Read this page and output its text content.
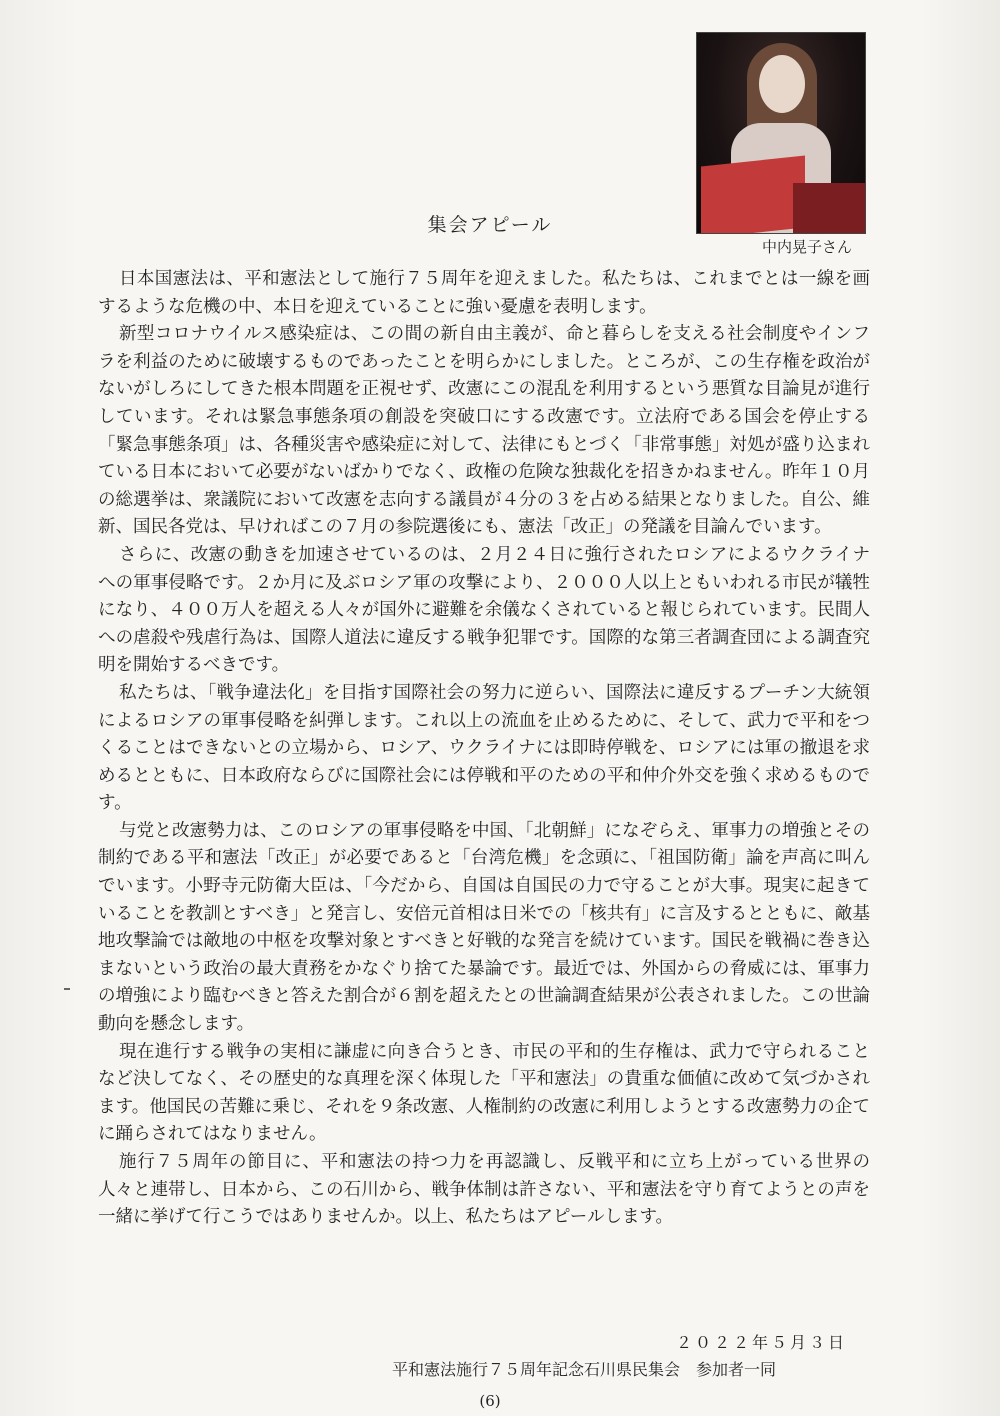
中内晃子さん
集会アピール

日本国憲法は、平和憲法として施行７５周年を迎えました。私たちは、これまでとは一線を画するような危機の中、本日を迎えていることに強い憂慮を表明します。

新型コロナウイルス感染症は、この間の新自由主義が、命と暮らしを支える社会制度やインフラを利益のために破壊するものであったことを明らかにしました。ところが、この生存権を政治がないがしろにしてきた根本問題を正視せず、改憲にこの混乱を利用するという悪質な目論見が進行しています。それは緊急事態条項の創設を突破口にする改憲です。立法府である国会を停止する「緊急事態条項」は、各種災害や感染症に対して、法律にもとづく「非常事態」対処が盛り込まれている日本において必要がないばかりでなく、政権の危険な独裁化を招きかねません。昨年１０月の総選挙は、衆議院において改憲を志向する議員が４分の３を占める結果となりました。自公、維新、国民各党は、早ければこの７月の参院選後にも、憲法「改正」の発議を目論んでいます。

さらに、改憲の動きを加速させているのは、２月２４日に強行されたロシアによるウクライナへの軍事侵略です。２か月に及ぶロシア軍の攻撃により、２０００人以上ともいわれる市民が犠牲になり、４００万人を超える人々が国外に避難を余儀なくされていると報じられています。民間人への虐殺や残虐行為は、国際人道法に違反する戦争犯罪です。国際的な第三者調査団による調査究明を開始するべきです。

私たちは、「戦争違法化」を目指す国際社会の努力に逆らい、国際法に違反するプーチン大統領によるロシアの軍事侵略を糾弾します。これ以上の流血を止めるために、そして、武力で平和をつくることはできないとの立場から、ロシア、ウクライナには即時停戦を、ロシアには軍の撤退を求めるとともに、日本政府ならびに国際社会には停戦和平のための平和仲介外交を強く求めるものです。

与党と改憲勢力は、このロシアの軍事侵略を中国、「北朝鮮」になぞらえ、軍事力の増強とその制約である平和憲法「改正」が必要であると「台湾危機」を念頭に、「祖国防衛」論を声高に叫んでいます。小野寺元防衛大臣は、「今だから、自国は自国民の力で守ることが大事。現実に起きていることを教訓とすべき」と発言し、安倍元首相は日米での「核共有」に言及するとともに、敵基地攻撃論では敵地の中枢を攻撃対象とすべきと好戦的な発言を続けています。国民を戦禍に巻き込まないという政治の最大責務をかなぐり捨てた暴論です。最近では、外国からの脅威には、軍事力の増強により臨むべきと答えた割合が６割を超えたとの世論調査結果が公表されました。この世論動向を懸念します。

現在進行する戦争の実相に謙虚に向き合うとき、市民の平和的生存権は、武力で守られることなど決してなく、その歴史的な真理を深く体現した「平和憲法」の貴重な価値に改めて気づかされます。他国民の苦難に乗じ、それを９条改憲、人権制約の改憲に利用しようとする改憲勢力の企てに踊らされてはなりません。

施行７５周年の節目に、平和憲法の持つ力を再認識し、反戦平和に立ち上がっている世界の人々と連帯し、日本から、この石川から、戦争体制は許さない、平和憲法を守り育てようとの声を一緒に挙げて行こうではありませんか。以上、私たちはアピールします。

２０２２年５月３日
平和憲法施行７５周年記念石川県民集会　参加者一同
(6)
